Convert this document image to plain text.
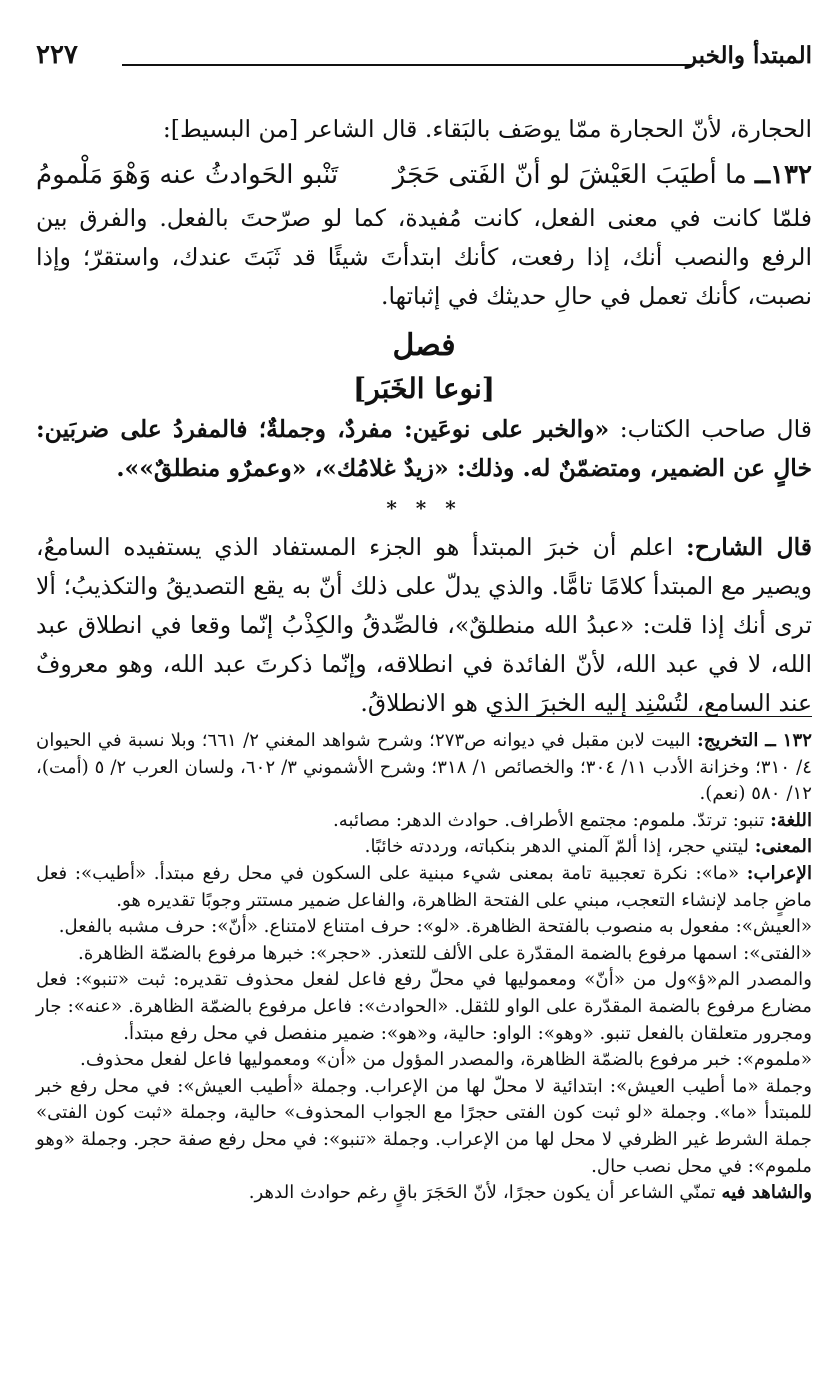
المبتدأ والخبر
٢٢٧

الحجارة، لأنّ الحجارة ممّا يوصَف بالبَقاء. قال الشاعر [من البسيط]:

١٣٢ــ
ما أطيَبَ العَيْشَ لو أنّ الفَتى حَجَرٌ
تَنْبو الحَوادثُ عنه وَهْوَ مَلْمومُ

فلمّا كانت في معنى الفعل، كانت مُفيدة، كما لو صرّحتَ بالفعل. والفرق بين الرفع والنصب أنك، إذا رفعت، كأنك ابتدأتَ شيئًا قد ثَبَتَ عندك، واستقرّ؛ وإذا نصبت، كأنك تعمل في حالِ حديثك في إثباتها.

فصل
[نوعا الخَبَر]

قال صاحب الكتاب: «والخبر على نوعَين: مفردٌ، وجملةٌ؛ فالمفردُ على ضربَين: خالٍ عن الضمير، ومتضمّنٌ له. وذلك: «زيدٌ غلامُك»، «وعمرٌو منطلقٌ»».

* * *

قال الشارح: اعلم أن خبرَ المبتدأ هو الجزء المستفاد الذي يستفيده السامعُ، ويصير مع المبتدأ كلامًا تامًّا. والذي يدلّ على ذلك أنّ به يقع التصديقُ والتكذيبُ؛ ألا ترى أنك إذا قلت: «عبدُ الله منطلقٌ»، فالصِّدقُ والكِذْبُ إنّما وقعا في انطلاق عبد الله، لا في عبد الله، لأنّ الفائدة في انطلاقه، وإنّما ذكرتَ عبد الله، وهو معروفٌ عند السامع، لتُسْنِد إليه الخبرَ الذي هو الانطلاقُ.

١٣٢ ــ التخريج: البيت لابن مقبل في ديوانه ص٢٧٣؛ وشرح شواهد المغني ٢/ ٦٦١؛ وبلا نسبة في الحيوان ٤/ ٣١٠؛ وخزانة الأدب ١١/ ٣٠٤؛ والخصائص ١/ ٣١٨؛ وشرح الأشموني ٣/ ٦٠٢، ولسان العرب ٢/ ٥ (أمت)، ١٢/ ٥٨٠ (نعم).

اللغة: تنبو: ترتدّ. ملموم: مجتمع الأطراف. حوادث الدهر: مصائبه.

المعنى: ليتني حجر، إذا ألمّ آلمني الدهر بنكباته، ورددته خائبًا.

الإعراب: «ما»: نكرة تعجبية تامة بمعنى شيء مبنية على السكون في محل رفع مبتدأ. «أطيب»: فعل ماضٍ جامد لإنشاء التعجب، مبني على الفتحة الظاهرة، والفاعل ضمير مستتر وجوبًا تقديره هو.

«العيش»: مفعول به منصوب بالفتحة الظاهرة. «لو»: حرف امتناع لامتناع. «أنّ»: حرف مشبه بالفعل.

«الفتى»: اسمها مرفوع بالضمة المقدّرة على الألف للتعذر. «حجر»: خبرها مرفوع بالضمّة الظاهرة.

والمصدر الم«ؤ»ول من «أنّ» ومعموليها في محلّ رفع فاعل لفعل محذوف تقديره: ثبت «تنبو»: فعل مضارع مرفوع بالضمة المقدّرة على الواو للثقل. «الحوادث»: فاعل مرفوع بالضمّة الظاهرة. «عنه»: جار ومجرور متعلقان بالفعل تنبو. «وهو»: الواو: حالية، و«هو»: ضمير منفصل في محل رفع مبتدأ.

«ملموم»: خبر مرفوع بالضمّة الظاهرة، والمصدر المؤول من «أن» ومعموليها فاعل لفعل محذوف.

وجملة «ما أطيب العيش»: ابتدائية لا محلّ لها من الإعراب. وجملة «أطيب العيش»: في محل رفع خبر للمبتدأ «ما». وجملة «لو ثبت كون الفتى حجرًا مع الجواب المحذوف» حالية، وجملة «ثبت كون الفتى» جملة الشرط غير الظرفي لا محل لها من الإعراب. وجملة «تنبو»: في محل رفع صفة حجر. وجملة «وهو ملموم»: في محل نصب حال.

والشاهد فيه تمنّي الشاعر أن يكون حجرًا، لأنّ الحَجَرَ باقٍ رغم حوادث الدهر.
